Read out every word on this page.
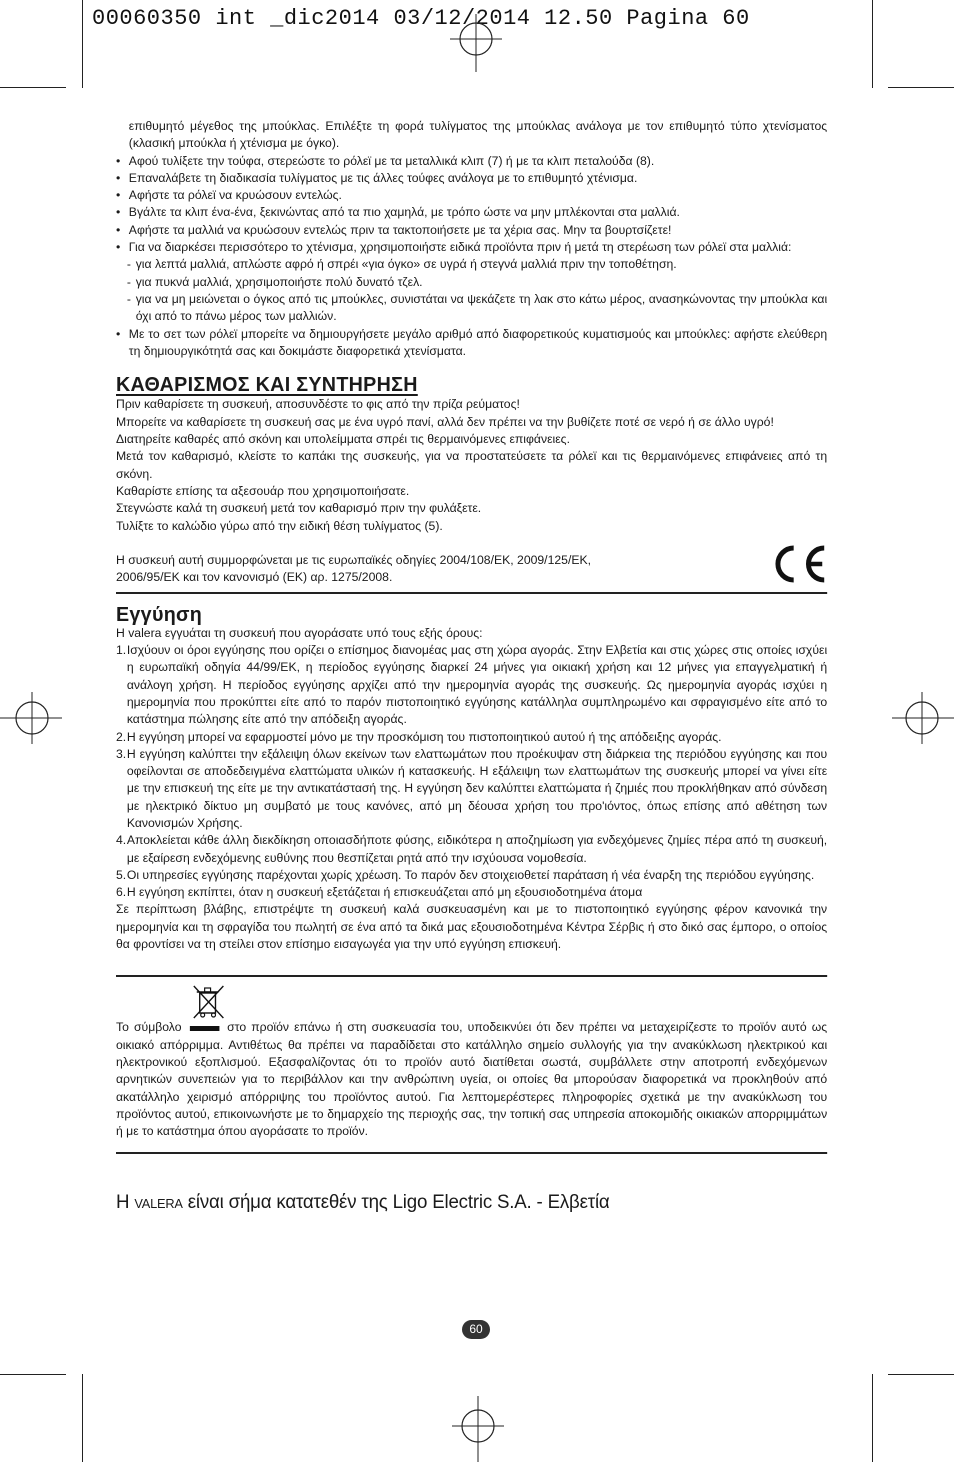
00060350 int _dic2014 03/12/2014 12.50 Pagina 60

επιθυμητό μέγεθος της μπούκλας. Επιλέξτε τη φορά τυλίγματος της μπούκλας ανάλογα με τον επιθυμητό τύπο χτενίσματος (κλασική μπούκλα ή χτένισμα με όγκο).

• Αφού τυλίξετε την τούφα, στερεώστε το ρόλεϊ με τα μεταλλικά κλιπ (7) ή με τα κλιπ πεταλούδα (8).
• Επαναλάβετε τη διαδικασία τυλίγματος με τις άλλες τούφες ανάλογα με το επιθυμητό χτένισμα.
• Αφήστε τα ρόλεϊ να κρυώσουν εντελώς.
• Βγάλτε τα κλιπ ένα-ένα, ξεκινώντας από τα πιο χαμηλά, με τρόπο ώστε να μην μπλέκονται στα μαλλιά.
• Αφήστε τα μαλλιά να κρυώσουν εντελώς πριν τα τακτοποιήσετε με τα χέρια σας. Μην τα βουρτσίζετε!
• Για να διαρκέσει περισσότερο το χτένισμα, χρησιμοποιήστε ειδικά προϊόντα πριν ή μετά τη στερέωση των ρόλεϊ στα μαλλιά:
- για λεπτά μαλλιά, απλώστε αφρό ή σπρέι «για όγκο» σε υγρά ή στεγνά μαλλιά πριν την τοποθέτηση.
- για πυκνά μαλλιά, χρησιμοποιήστε πολύ δυνατό τζελ.
- για να μη μειώνεται ο όγκος από τις μπούκλες, συνιστάται να ψεκάζετε τη λακ στο κάτω μέρος, ανασηκώνοντας την μπούκλα και όχι από το πάνω μέρος των μαλλιών.
• Με το σετ των ρόλεϊ μπορείτε να δημιουργήσετε μεγάλο αριθμό από διαφορετικούς κυματισμούς και μπούκλες: αφήστε ελεύθερη τη δημιουργικότητά σας και δοκιμάστε διαφορετικά χτενίσματα.
ΚΑΘΑΡΙΣΜΟΣ ΚΑΙ ΣΥΝΤΗΡΗΣΗ

Πριν καθαρίσετε τη συσκευή, αποσυνδέστε το φις από την πρίζα ρεύματος!

Μπορείτε να καθαρίσετε τη συσκευή σας με ένα υγρό πανί, αλλά δεν πρέπει να την βυθίζετε ποτέ σε νερό ή σε άλλο υγρό!

Διατηρείτε καθαρές από σκόνη και υπολείμματα σπρέι τις θερμαινόμενες επιφάνειες.

Μετά τον καθαρισμό, κλείστε το καπάκι της συσκευής, για να προστατεύσετε τα ρόλεϊ και τις θερμαινόμενες επιφάνειες από τη σκόνη.

Καθαρίστε επίσης τα αξεσουάρ που χρησιμοποιήσατε.

Στεγνώστε καλά τη συσκευή μετά τον καθαρισμό πριν την φυλάξετε.

Τυλίξτε το καλώδιο γύρω από την ειδική θέση τυλίγματος (5).

Η συσκευή αυτή συμμορφώνεται με τις ευρωπαϊκές οδηγίες 2004/108/ΕΚ, 2009/125/ΕΚ,

2006/95/ΕΚ και τον κανονισμό (ΕΚ) αρ. 1275/2008.

Εγγύηση

Η valera εγγυάται τη συσκευή που αγοράσατε υπό τους εξής όρους:

1. Ισχύουν οι όροι εγγύησης που ορίζει ο επίσημος διανομέας μας στη χώρα αγοράς. Στην Ελβετία και στις χώρες στις οποίες ισχύει η ευρωπαϊκή οδηγία 44/99/ΕΚ, η περίοδος εγγύησης διαρκεί 24 μήνες για οικιακή χρήση και 12 μήνες για επαγγελματική ή ανάλογη χρήση. Η περίοδος εγγύησης αρχίζει από την ημερομηνία αγοράς της συσκευής. Ως ημερομηνία αγοράς ισχύει η ημερομηνία που προκύπτει είτε από το παρόν πιστοποιητικό εγγύησης κατάλληλα συμπληρωμένο και σφραγισμένο είτε από το κατάστημα πώλησης είτε από την απόδειξη αγοράς.
2. Η εγγύηση μπορεί να εφαρμοστεί μόνο με την προσκόμιση του πιστοποιητικού αυτού ή της απόδειξης αγοράς.
3. Η εγγύηση καλύπτει την εξάλειψη όλων εκείνων των ελαττωμάτων που προέκυψαν στη διάρκεια της περιόδου εγγύησης και που οφείλονται σε αποδεδειγμένα ελαττώματα υλικών ή κατασκευής. Η εξάλειψη των ελαττωμάτων της συσκευής μπορεί να γίνει είτε με την επισκευή της είτε με την αντικατάστασή της. Η εγγύηση δεν καλύπτει ελαττώματα ή ζημιές που προκλήθηκαν από σύνδεση με ηλεκτρικό δίκτυο μη συμβατό με τους κανόνες, από μη δέουσα χρήση του προ'ιόντος, όπως επίσης από αθέτηση των Κανονισμών Χρήσης.
4. Αποκλείεται κάθε άλλη διεκδίκηση οποιασδήποτε φύσης, ειδικότερα η αποζημίωση για ενδεχόμενες ζημίες πέρα από τη συσκευή, με εξαίρεση ενδεχόμενης ευθύνης που θεσπίζεται ρητά από την ισχύουσα νομοθεσία.
5. Οι υπηρεσίες εγγύησης παρέχονται χωρίς χρέωση. Το παρόν δεν στοιχειοθετεί παράταση ή νέα έναρξη της περιόδου εγγύησης.
6. Η εγγύηση εκπίπτει, όταν η συσκευή εξετάζεται ή επισκευάζεται από μη εξουσιοδοτημένα άτομα

Σε περίπτωση βλάβης, επιστρέψτε τη συσκευή καλά συσκευασμένη και με το πιστοποιητικό εγγύησης φέρον κανονικά την ημερομηνία και τη σφραγίδα του πωλητή σε ένα από τα δικά μας εξουσιοδοτημένα Κέντρα Σέρβις ή στο δικό σας έμπορο, ο οποίος θα φροντίσει να τη στείλει στον επίσημο εισαγωγέα για την υπό εγγύηση επισκευή.

Το σύμβολο	στο προϊόν επάνω ή στη συσκευασία του, υποδεικνύει ότι δεν πρέπει να μεταχειρίζεστε το προϊόν αυτό ως οικιακό απόρριμμα. Αντιθέτως θα πρέπει να παραδίδεται στο κατάλληλο σημείο συλλογής για την ανακύκλωση ηλεκτρικού και ηλεκτρονικού εξοπλισμού. Εξασφαλίζοντας ότι το προϊόν αυτό διατίθεται σωστά, συμβάλλετε στην αποτροπή ενδεχόμενων αρνητικών συνεπειών για το περιβάλλον και την ανθρώπινη υγεία, οι οποίες θα μπορούσαν διαφορετικά να προκληθούν από ακατάλληλο χειρισμό απόρριψης του προϊόντος αυτού. Για λεπτομερέστερες πληροφορίες σχετικά με την ανακύκλωση του προϊόντος αυτού, επικοινωνήστε με το δημαρχείο της περιοχής σας, την τοπική σας υπηρεσία αποκομιδής οικιακών απορριμμάτων ή με το κατάστημα όπου αγοράσατε το προϊόν.

Η VALERA είναι σήμα κατατεθέν της Ligo Electric S.A. - Ελβετία
60
